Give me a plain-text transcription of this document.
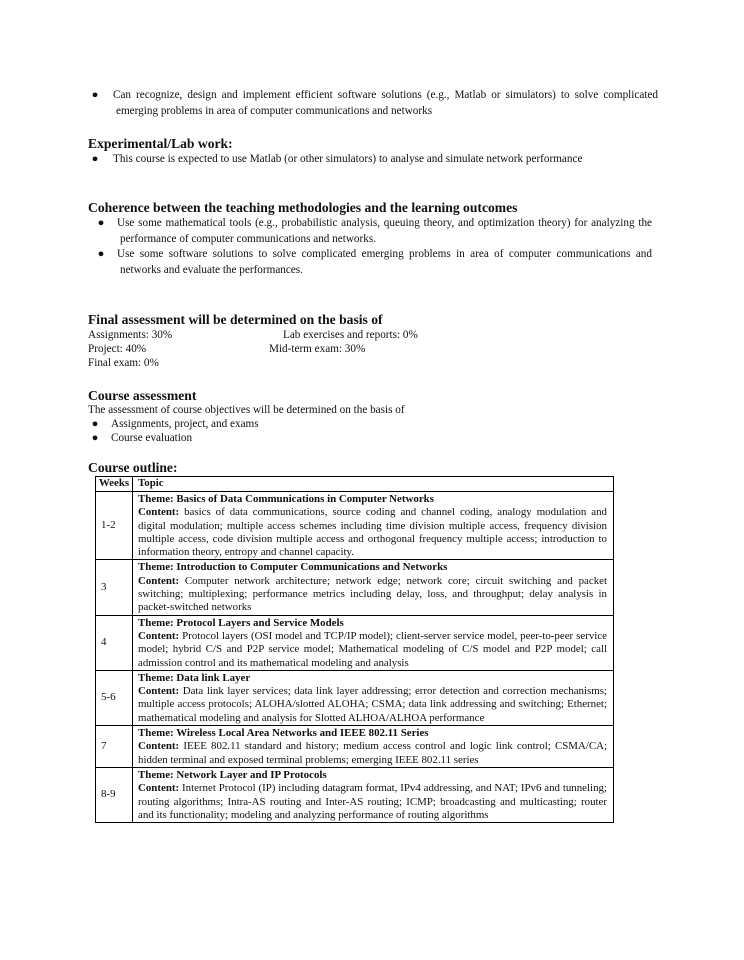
●	Can recognize, design and implement efficient software solutions (e.g., Matlab or simulators) to solve complicated emerging problems in area of computer communications and networks
Experimental/Lab work:
●	This course is expected to use Matlab (or other simulators) to analyse and simulate network performance
Coherence between the teaching methodologies and the learning outcomes
●	Use some mathematical tools (e.g., probabilistic analysis, queuing theory, and optimization theory) for analyzing the performance of computer communications and networks.
●	Use some software solutions to solve complicated emerging problems in area of computer communications and networks and evaluate the performances.
Final assessment will be determined on the basis of
Assignments: 30%	Lab exercises and reports: 0%
Project: 40%	Mid-term exam: 30%
Final exam: 0%
Course assessment

The assessment of course objectives will be determined on the basis of

●	Assignments, project, and exams
●	Course evaluation
Course outline:
Weeks	Topic
1-2	Theme: Basics of Data Communications in Computer Networks
Content: basics of data communications, source coding and channel coding, analogy modulation and digital modulation; multiple access schemes including time division multiple access, frequency division multiple access, code division multiple access and orthogonal frequency multiple access; introduction to information theory, entropy and channel capacity.
3	Theme: Introduction to Computer Communications and Networks
Content: Computer network architecture; network edge; network core; circuit switching and packet switching; multiplexing; performance metrics including delay, loss, and throughput; delay analysis in packet-switched networks
4	Theme: Protocol Layers and Service Models
Content: Protocol layers (OSI model and TCP/IP model); client-server service model, peer-to-peer service model; hybrid C/S and P2P service model; Mathematical modeling of C/S model and P2P model; call admission control and its mathematical modeling and analysis
5-6	Theme: Data link Layer
Content: Data link layer services; data link layer addressing; error detection and correction mechanisms; multiple access protocols; ALOHA/slotted ALOHA; CSMA; data link addressing and switching; Ethernet; mathematical modeling and analysis for Slotted ALHOA/ALHOA performance
7	Theme: Wireless Local Area Networks and IEEE 802.11 Series
Content: IEEE 802.11 standard and history; medium access control and logic link control; CSMA/CA; hidden terminal and exposed terminal problems; emerging IEEE 802.11 series
8-9	Theme: Network Layer and IP Protocols
Content: Internet Protocol (IP) including datagram format, IPv4 addressing, and NAT; IPv6 and tunneling; routing algorithms; Intra-AS routing and Inter-AS routing; ICMP; broadcasting and multicasting; router and its functionality; modeling and analyzing performance of routing algorithms
